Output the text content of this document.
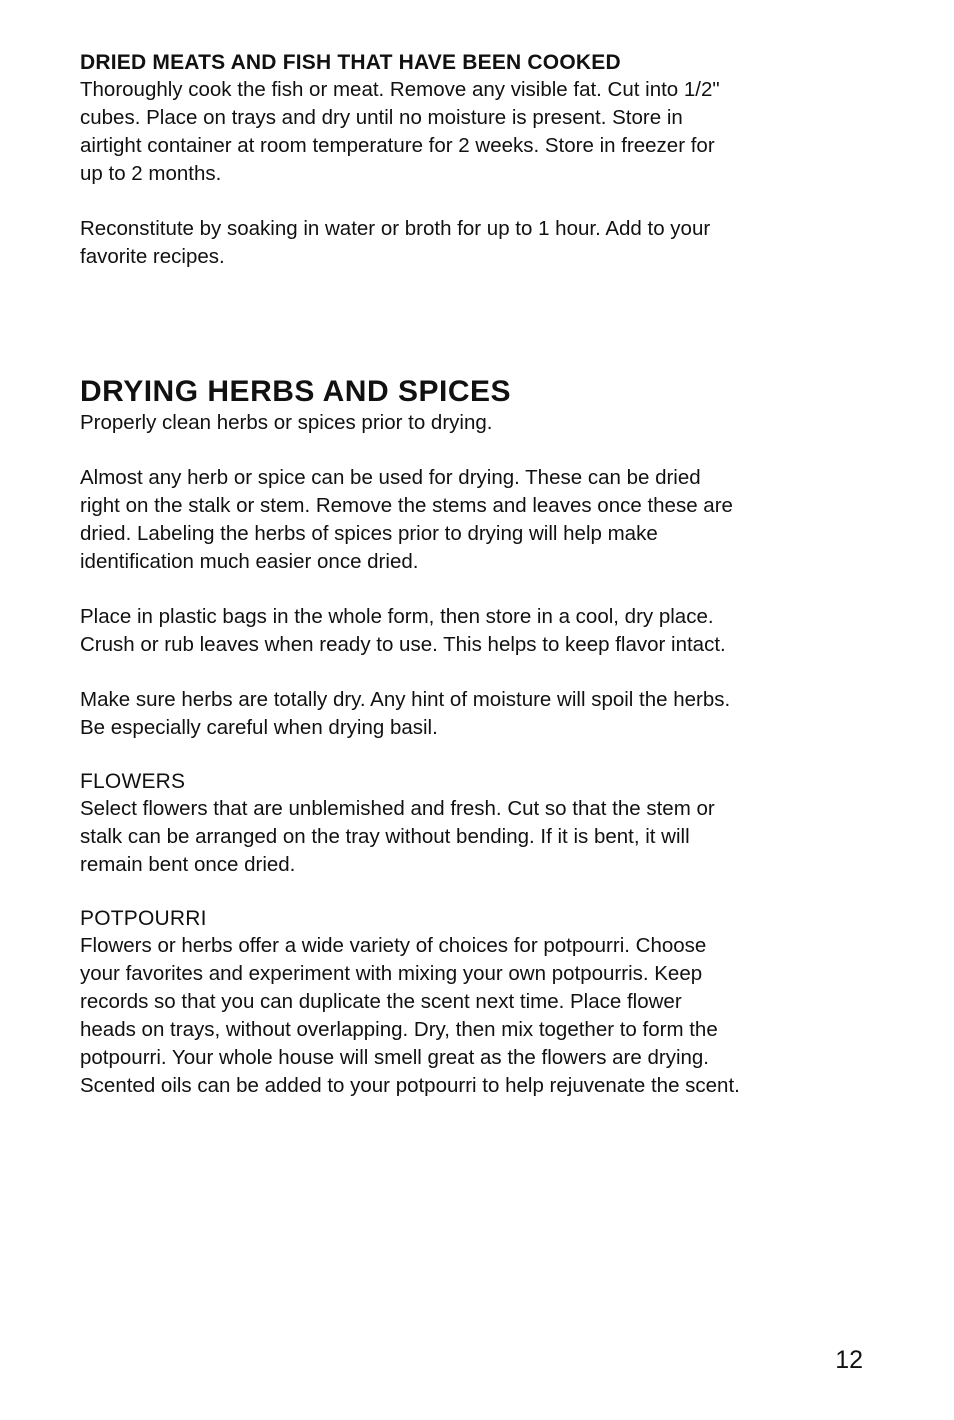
DRIED MEATS AND FISH THAT HAVE BEEN COOKED

Thoroughly cook the fish or meat. Remove any visible fat. Cut into 1/2"

cubes. Place on trays and dry until no moisture is present. Store in

airtight container at room temperature for 2 weeks. Store in freezer for

up to 2 months.

Reconstitute by soaking in water or broth for up to 1 hour. Add to your

favorite recipes.

DRYING HERBS AND SPICES

Properly clean herbs or spices prior to drying.

Almost any herb or spice can be used for drying. These can be dried

right on the stalk or stem. Remove the stems and leaves once these are

dried. Labeling the herbs of spices prior to drying will help make

identification much easier once dried.

Place in plastic bags in the whole form, then store in a cool, dry place.

Crush or rub leaves when ready to use. This helps to keep flavor intact.

Make sure herbs are totally dry. Any hint of moisture will spoil the herbs.

Be especially careful when drying basil.

FLOWERS

Select flowers that are unblemished and fresh. Cut so that the stem or

stalk can be arranged on the tray without bending. If it is bent, it will

remain bent once dried.

POTPOURRI

Flowers or herbs offer a wide variety of choices for potpourri. Choose

your favorites and experiment with mixing your own potpourris. Keep

records so that you can duplicate the scent next time. Place flower

heads on trays, without overlapping. Dry, then mix together to form the

potpourri. Your whole house will smell great as the flowers are drying.

Scented oils can be added to your potpourri to help rejuvenate the scent.

12
